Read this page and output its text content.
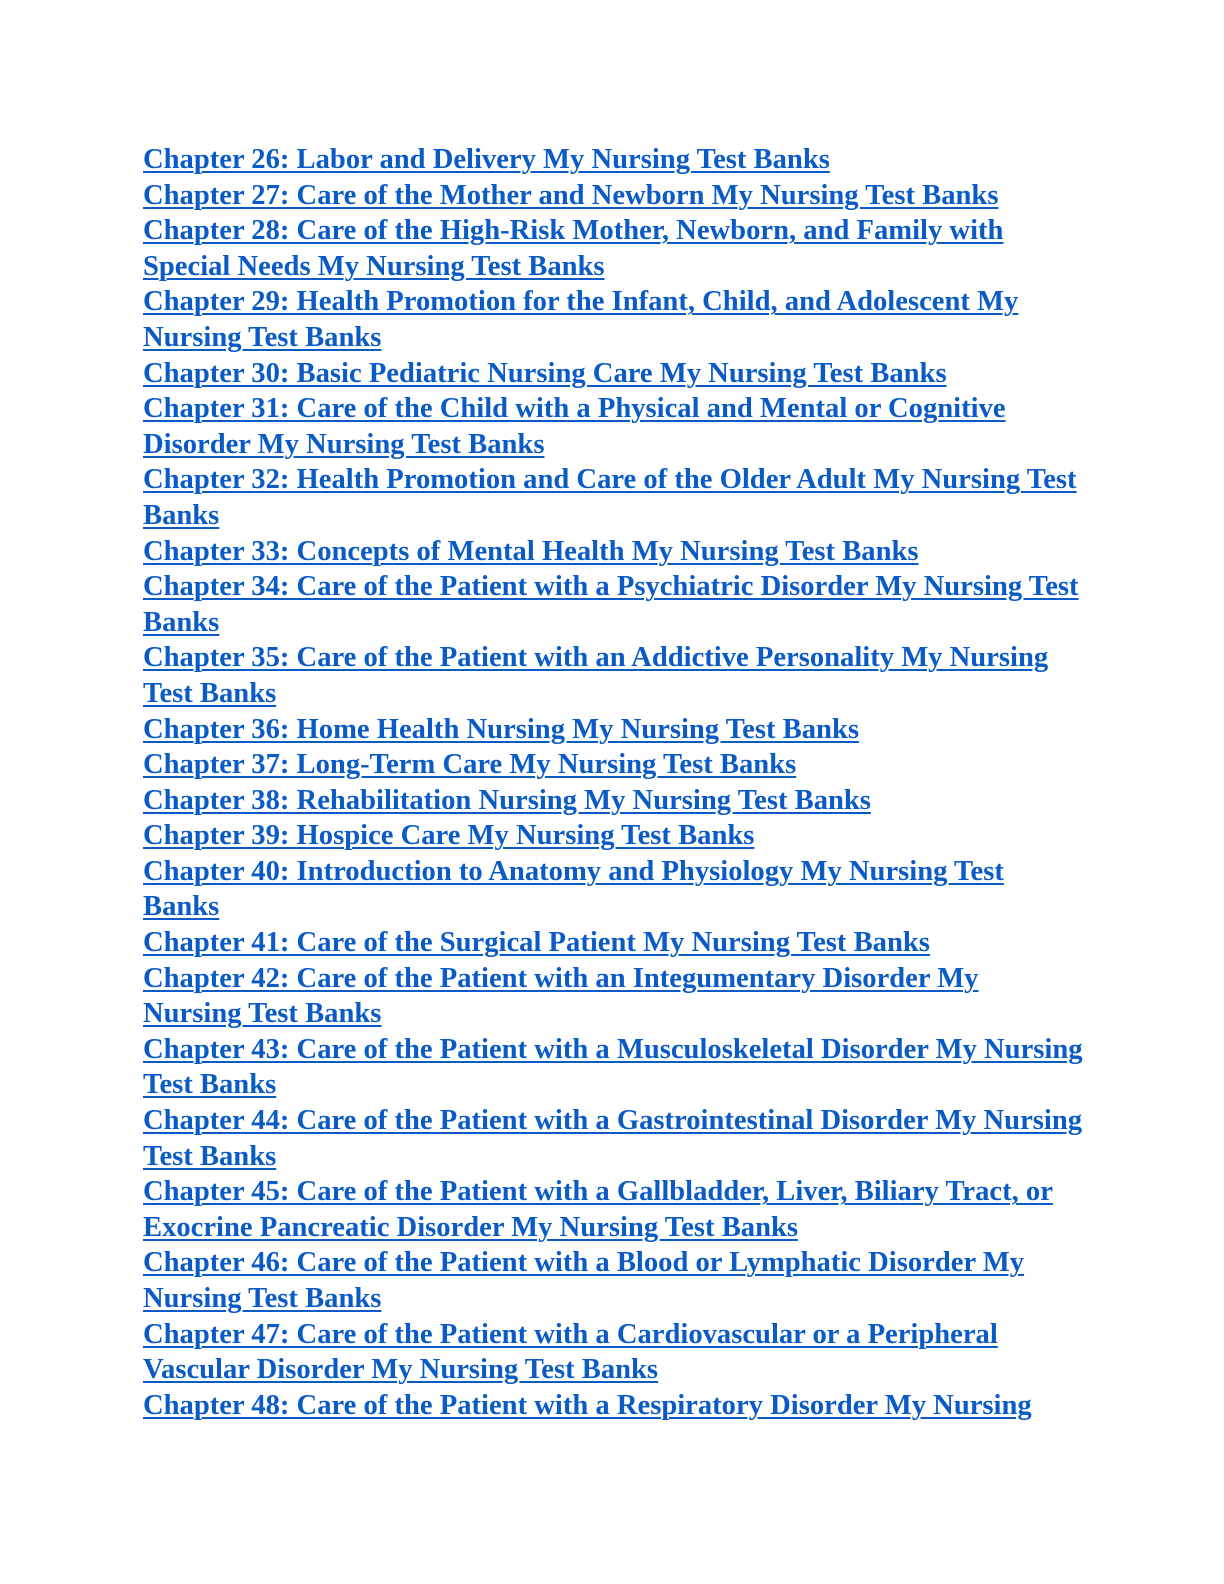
Chapter 26: Labor and Delivery My Nursing Test Banks
Chapter 27: Care of the Mother and Newborn My Nursing Test Banks
Chapter 28: Care of the High-Risk Mother, Newborn, and Family with Special Needs My Nursing Test Banks
Chapter 29: Health Promotion for the Infant, Child, and Adolescent My Nursing Test Banks
Chapter 30: Basic Pediatric Nursing Care My Nursing Test Banks
Chapter 31: Care of the Child with a Physical and Mental or Cognitive Disorder My Nursing Test Banks
Chapter 32: Health Promotion and Care of the Older Adult My Nursing Test Banks
Chapter 33: Concepts of Mental Health My Nursing Test Banks
Chapter 34: Care of the Patient with a Psychiatric Disorder My Nursing Test Banks
Chapter 35: Care of the Patient with an Addictive Personality My Nursing Test Banks
Chapter 36: Home Health Nursing My Nursing Test Banks
Chapter 37: Long-Term Care My Nursing Test Banks
Chapter 38: Rehabilitation Nursing My Nursing Test Banks
Chapter 39: Hospice Care My Nursing Test Banks
Chapter 40: Introduction to Anatomy and Physiology My Nursing Test Banks
Chapter 41: Care of the Surgical Patient My Nursing Test Banks
Chapter 42: Care of the Patient with an Integumentary Disorder My Nursing Test Banks
Chapter 43: Care of the Patient with a Musculoskeletal Disorder My Nursing Test Banks
Chapter 44: Care of the Patient with a Gastrointestinal Disorder My Nursing Test Banks
Chapter 45: Care of the Patient with a Gallbladder, Liver, Biliary Tract, or Exocrine Pancreatic Disorder My Nursing Test Banks
Chapter 46: Care of the Patient with a Blood or Lymphatic Disorder My Nursing Test Banks
Chapter 47: Care of the Patient with a Cardiovascular or a Peripheral Vascular Disorder My Nursing Test Banks
Chapter 48: Care of the Patient with a Respiratory Disorder My Nursing
